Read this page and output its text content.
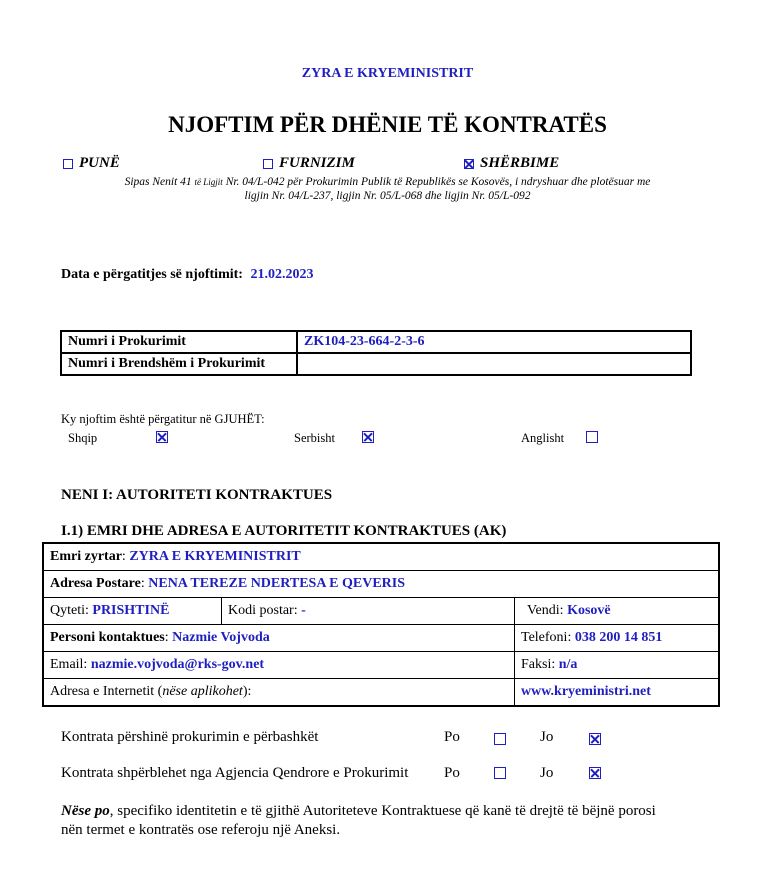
ZYRA E KRYEMINISTRIT
NJOFTIM PËR DHËNIE TË KONTRATËS
PUNË	FURNIZIM	SHËRBIME
Sipas Nenit 41 të Ligjit Nr. 04/L-042 për Prokurimin Publik të Republikës se Kosovës, i ndryshuar dhe plotësuar me
ligjin Nr. 04/L-237, ligjin Nr. 05/L-068 dhe ligjin Nr. 05/L-092
Data e përgatitjes së njoftimit: 21.02.2023
Numri i Prokurimit	ZK104-23-664-2-3-6
Numri i Brendshëm i Prokurimit	
Ky njoftim është përgatitur në GJUHËT:
Shqip	Serbisht	Anglisht
NENI I: AUTORITETI KONTRAKTUES
I.1) EMRI DHE ADRESA E AUTORITETIT KONTRAKTUES (AK)
Emri zyrtar: ZYRA E KRYEMINISTRIT		
Adresa Postare: NENA TEREZE NDERTESA E QEVERIS		
Qyteti: PRISHTINË	Kodi postar: -	Vendi: Kosovë
Personi kontaktues: Nazmie Vojvoda		Telefoni: 038 200 14 851
Email: nazmie.vojvoda@rks-gov.net		Faksi: n/a
Adresa e Internetit (nëse aplikohet):		www.kryeministri.net
Kontrata përshinë prokurimin e përbashkët	Po	Jo
Kontrata shpërblehet nga Agjencia Qendrore e Prokurimit Po	Jo
Nëse po, specifiko identitetin e të gjithë Autoriteteve Kontraktuese që kanë të drejtë të bëjnë porosi
nën termet e kontratës ose referoju një Aneksi.
